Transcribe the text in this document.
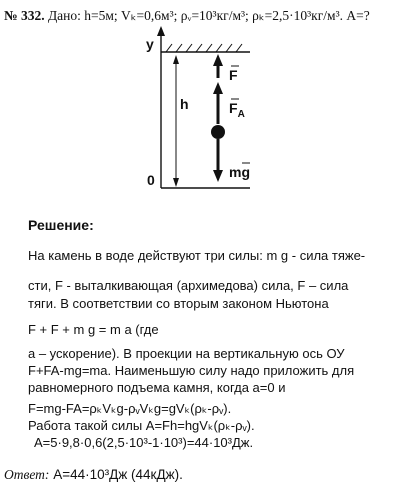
№ 332. Дано: h=5м; Vₖ=0,6м³; ρᵥ=10³кг/м³; ρₖ=2,5·10³кг/м³. А=?
y
0
h
F
$F_A$
mg
Решение:
На камень в воде действуют три силы: m g - сила тяже-
сти, F - выталкивающая (архимедова) сила, F – сила
тяги. В соответствии со вторым законом Ньютона
F + F + m g = m a (где
а – ускорение). В проекции на вертикальную ось ОУ
F+FA-mg=ma. Наименьшую силу надо приложить для
равномерного подъема камня, когда а=0 и
F=mg-FA=ρₖVₖg-ρᵥVₖg=gVₖ(ρₖ-ρᵥ).
Работа такой силы A=Fh=hgVₖ(ρₖ-ρᵥ).
A=5·9,8·0,6(2,5·10³-1·10³)=44·10³Дж.
Ответ: А=44·10³Дж (44кДж).
